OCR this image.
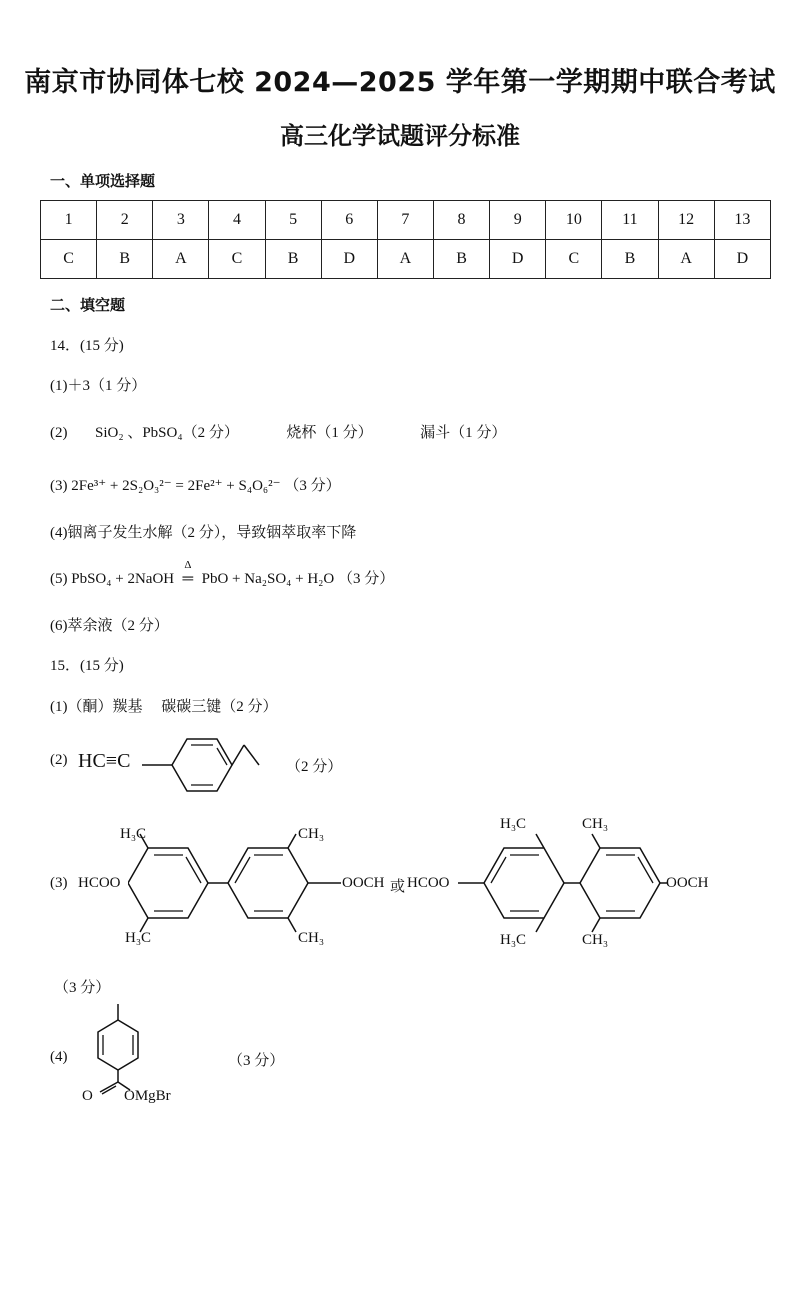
南京市协同体七校 2024—2025 学年第一学期期中联合考试
高三化学试题评分标准
一、单项选择题
1	2	3	4	5	6	7	8	9	10	11	12	13
C	B	A	C	B	D	A	B	D	C	B	A	D
二、填空题
14．(15 分)
(1)＋3（1 分）
(2) SiO₂ 、PbSO₄（2 分）	烧杯（1 分）	漏斗（1 分）
(3) 2Fe³⁺ + 2S₂O₃²⁻ = 2Fe²⁺ + S₄O₆²⁻ （3 分）
(4)铟离子发生水解（2 分），导致铟萃取率下降
(5) PbSO₄ + 2NaOH
Δ
═ PbO + Na₂SO₄ + H₂O （3 分）
(6)萃余液（2 分）
15．(15 分)
(1)（酮）羰基　 碳碳三键（2 分）
(2) HC≡C	（2 分）
(3) HCOO
H₃C
H₃C
CH₃
CH₃
OOCH 或 HCOO
H₃C
H₃C
CH₃
CH₃
OOCH
（3 分）
(4)
O OMgBr
（3 分）
